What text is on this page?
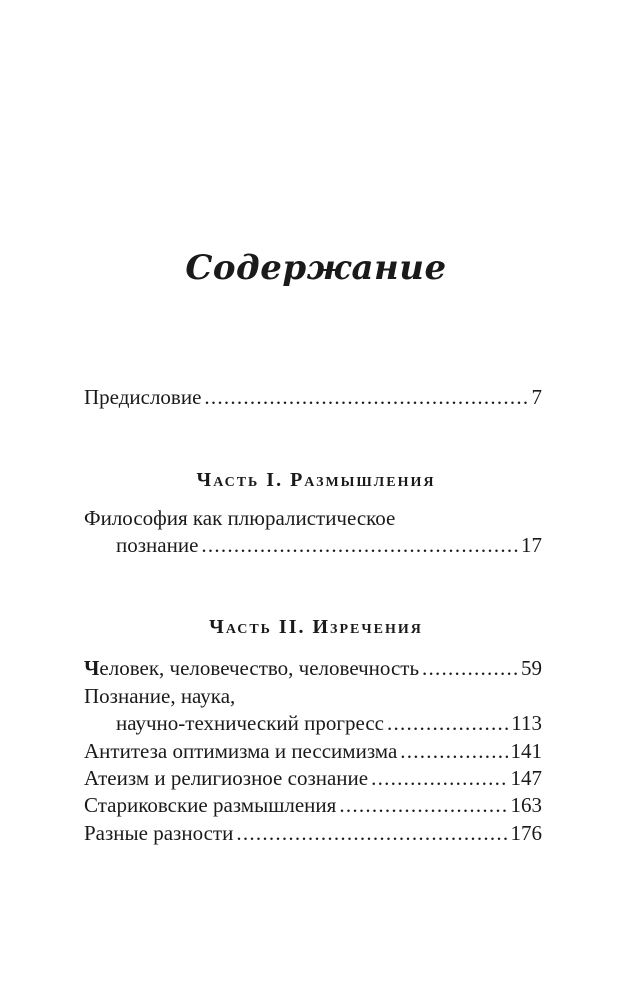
Содержание
Предисловие . . .	7
Часть I. Размышления
Философия как плюралистическое
познание . . .	17
Часть II. Изречения
Человек, человечество, человечность . . .	59
Познание, наука,
научно-технический прогресс . . .	113
Антитеза оптимизма и пессимизма . . .	141
Атеизм и религиозное сознание . . .	147
Стариковские размышления . . .	163
Разные разности . . .	176
